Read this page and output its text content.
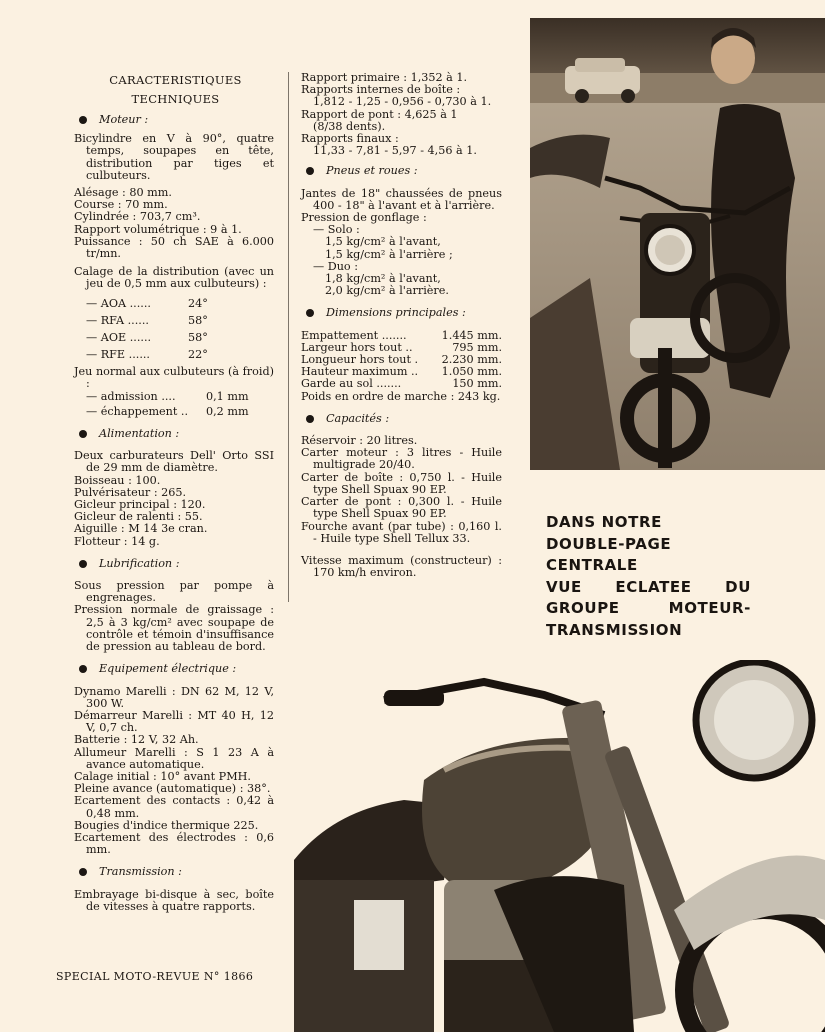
CARACTERISTIQUES
TECHNIQUES
Moteur :
Bicylindre en V à 90°, quatre temps, soupapes en tête, distribution par tiges et culbuteurs.
Alésage : 80 mm.
Course : 70 mm.
Cylindrée : 703,7 cm³.
Rapport volumétrique : 9 à 1.
Puissance : 50 ch SAE à 6.000 tr/mn.
Calage de la distribution (avec un jeu de 0,5 mm aux culbuteurs) :
— AOA ......	24°
— RFA ......	58°
— AOE ......	58°
— RFE ......	22°
Jeu normal aux culbuteurs (à froid) :
— admission ....	0,1 mm
— échappement ..	0,2 mm
Alimentation :
Deux carburateurs Dell' Orto SSI de 29 mm de diamètre.
Boisseau : 100.
Pulvérisateur : 265.
Gicleur principal : 120.
Gicleur de ralenti : 55.
Aiguille : M 14 3e cran.
Flotteur : 14 g.
Lubrification :
Sous pression par pompe à engrenages.
Pression normale de graissage : 2,5 à 3 kg/cm² avec soupape de contrôle et témoin d'insuffisance de pression au tableau de bord.
Equipement électrique :
Dynamo Marelli : DN 62 M, 12 V, 300 W.
Démarreur Marelli : MT 40 H, 12 V, 0,7 ch.
Batterie : 12 V, 32 Ah.
Allumeur Marelli : S 1 23 A à avance automatique.
Calage initial : 10° avant PMH.
Pleine avance (automatique) : 38°.
Ecartement des contacts : 0,42 à 0,48 mm.
Bougies d'indice thermique 225.
Ecartement des électrodes : 0,6 mm.
Transmission :
Embrayage bi-disque à sec, boîte de vitesses à quatre rapports.
Rapport primaire : 1,352 à 1.
Rapports internes de boîte :
1,812 - 1,25 - 0,956 - 0,730 à 1.
Rapport de pont : 4,625 à 1
(8/38 dents).
Rapports finaux :
11,33 - 7,81 - 5,97 - 4,56 à 1.
Pneus et roues :
Jantes de 18" chaussées de pneus 400 - 18" à l'avant et à l'arrière.
Pression de gonflage :
— Solo :
1,5 kg/cm² à l'avant,
1,5 kg/cm² à l'arrière ;
— Duo :
1,8 kg/cm² à l'avant,
2,0 kg/cm² à l'arrière.
Dimensions principales :
Empattement .......	1.445 mm.
Largeur hors tout ..	795 mm.
Longueur hors tout . 2.230 mm.
Hauteur maximum .. 1.050 mm.
Garde au sol .......	150 mm.
Poids en ordre de marche : 243 kg.
Capacités :
Réservoir : 20 litres.
Carter moteur : 3 litres - Huile multigrade 20/40.
Carter de boîte : 0,750 l. - Huile type Shell Spuax 90 EP.
Carter de pont : 0,300 l. - Huile type Shell Spuax 90 EP.
Fourche avant (par tube) : 0,160 l. - Huile type Shell Tellux 33.
Vitesse maximum (constructeur) : 170 km/h environ.
DANS NOTRE
DOUBLE-PAGE
CENTRALE
VUE ECLATEE DU
GROUPE MOTEUR-
TRANSMISSION
SPECIAL MOTO-REVUE N° 1866
